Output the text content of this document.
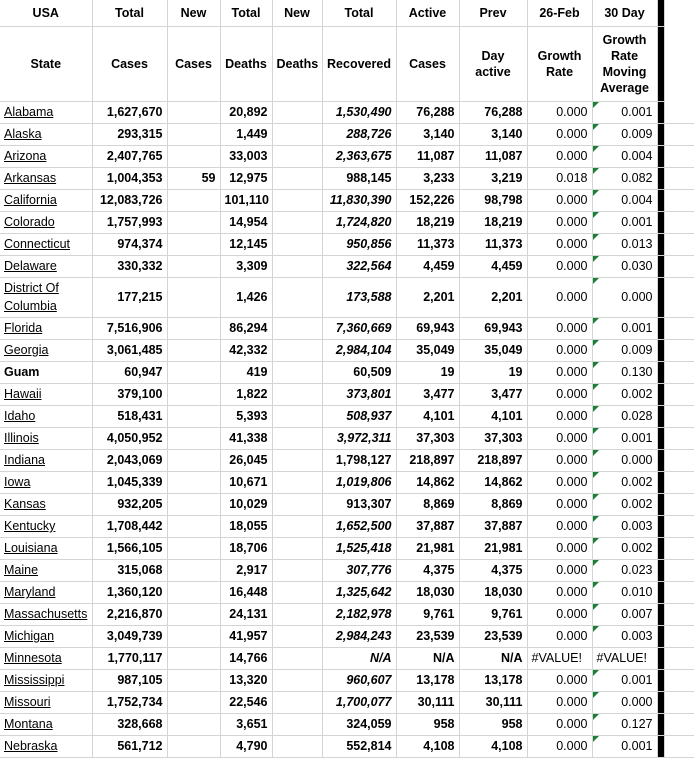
USA	Total	New	Total	New	Total	Active	Prev	26-Feb	30 Day		
State	Cases	Cases	Deaths	Deaths	Recovered	Cases	Day active	Growth Rate	Growth Rate Moving Average		
Alabama	1,627,670		20,892		1,530,490	76,288	76,288	0.000	0.001		
Alaska	293,315		1,449		288,726	3,140	3,140	0.000	0.009		
Arizona	2,407,765		33,003		2,363,675	11,087	11,087	0.000	0.004		
Arkansas	1,004,353	59	12,975		988,145	3,233	3,219	0.018	0.082		
California	12,083,726		101,110		11,830,390	152,226	98,798	0.000	0.004		
Colorado	1,757,993		14,954		1,724,820	18,219	18,219	0.000	0.001		
Connecticut	974,374		12,145		950,856	11,373	11,373	0.000	0.013		
Delaware	330,332		3,309		322,564	4,459	4,459	0.000	0.030		
District Of Columbia	177,215		1,426		173,588	2,201	2,201	0.000	0.000		
Florida	7,516,906		86,294		7,360,669	69,943	69,943	0.000	0.001		
Georgia	3,061,485		42,332		2,984,104	35,049	35,049	0.000	0.009		
Guam	60,947		419		60,509	19	19	0.000	0.130		
Hawaii	379,100		1,822		373,801	3,477	3,477	0.000	0.002		
Idaho	518,431		5,393		508,937	4,101	4,101	0.000	0.028		
Illinois	4,050,952		41,338		3,972,311	37,303	37,303	0.000	0.001		
Indiana	2,043,069		26,045		1,798,127	218,897	218,897	0.000	0.000		
Iowa	1,045,339		10,671		1,019,806	14,862	14,862	0.000	0.002		
Kansas	932,205		10,029		913,307	8,869	8,869	0.000	0.002		
Kentucky	1,708,442		18,055		1,652,500	37,887	37,887	0.000	0.003		
Louisiana	1,566,105		18,706		1,525,418	21,981	21,981	0.000	0.002		
Maine	315,068		2,917		307,776	4,375	4,375	0.000	0.023		
Maryland	1,360,120		16,448		1,325,642	18,030	18,030	0.000	0.010		
Massachusetts	2,216,870		24,131		2,182,978	9,761	9,761	0.000	0.007		
Michigan	3,049,739		41,957		2,984,243	23,539	23,539	0.000	0.003		
Minnesota	1,770,117		14,766		N/A	N/A	N/A	#VALUE!	#VALUE!		
Mississippi	987,105		13,320		960,607	13,178	13,178	0.000	0.001		
Missouri	1,752,734		22,546		1,700,077	30,111	30,111	0.000	0.000		
Montana	328,668		3,651		324,059	958	958	0.000	0.127		
Nebraska	561,712		4,790		552,814	4,108	4,108	0.000	0.001		
